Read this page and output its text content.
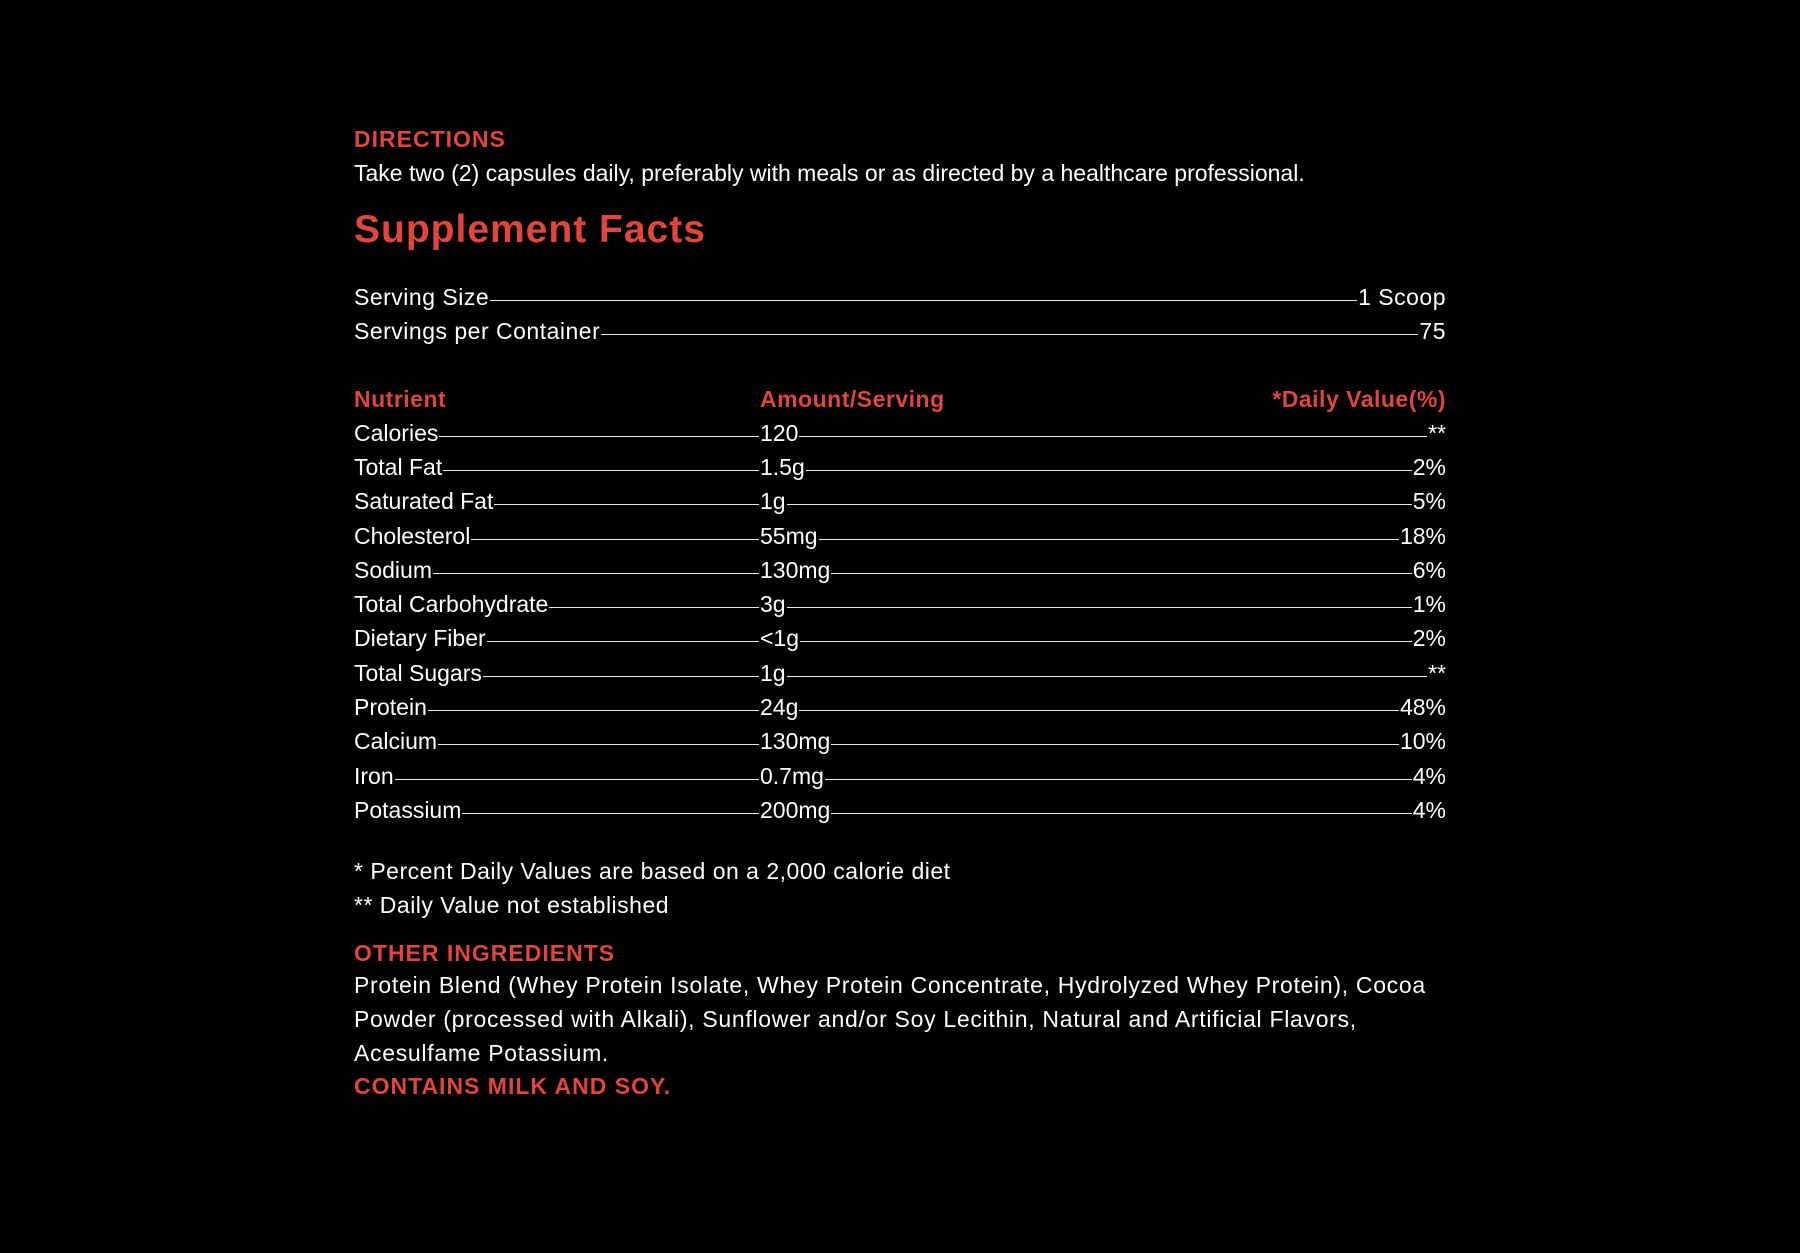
DIRECTIONS
Take two (2) capsules daily, preferably with meals or as directed by a healthcare professional.
Supplement Facts
Serving Size	1 Scoop
Servings per Container	75
Nutrient	Amount/Serving	*Daily Value(%)
Calories	120	**
Total Fat	1.5g	2%
Saturated Fat	1g	5%
Cholesterol	55mg	18%
Sodium	130mg	6%
Total Carbohydrate	3g	1%
Dietary Fiber	<1g	2%
Total Sugars	1g	**
Protein	24g	48%
Calcium	130mg	10%
Iron	0.7mg	4%
Potassium	200mg	4%
* Percent Daily Values are based on a 2,000 calorie diet
** Daily Value not established
OTHER INGREDIENTS
Protein Blend (Whey Protein Isolate, Whey Protein Concentrate, Hydrolyzed Whey Protein), Cocoa Powder (processed with Alkali), Sunflower and/or Soy Lecithin, Natural and Artificial Flavors, Acesulfame Potassium.
CONTAINS MILK AND SOY.
